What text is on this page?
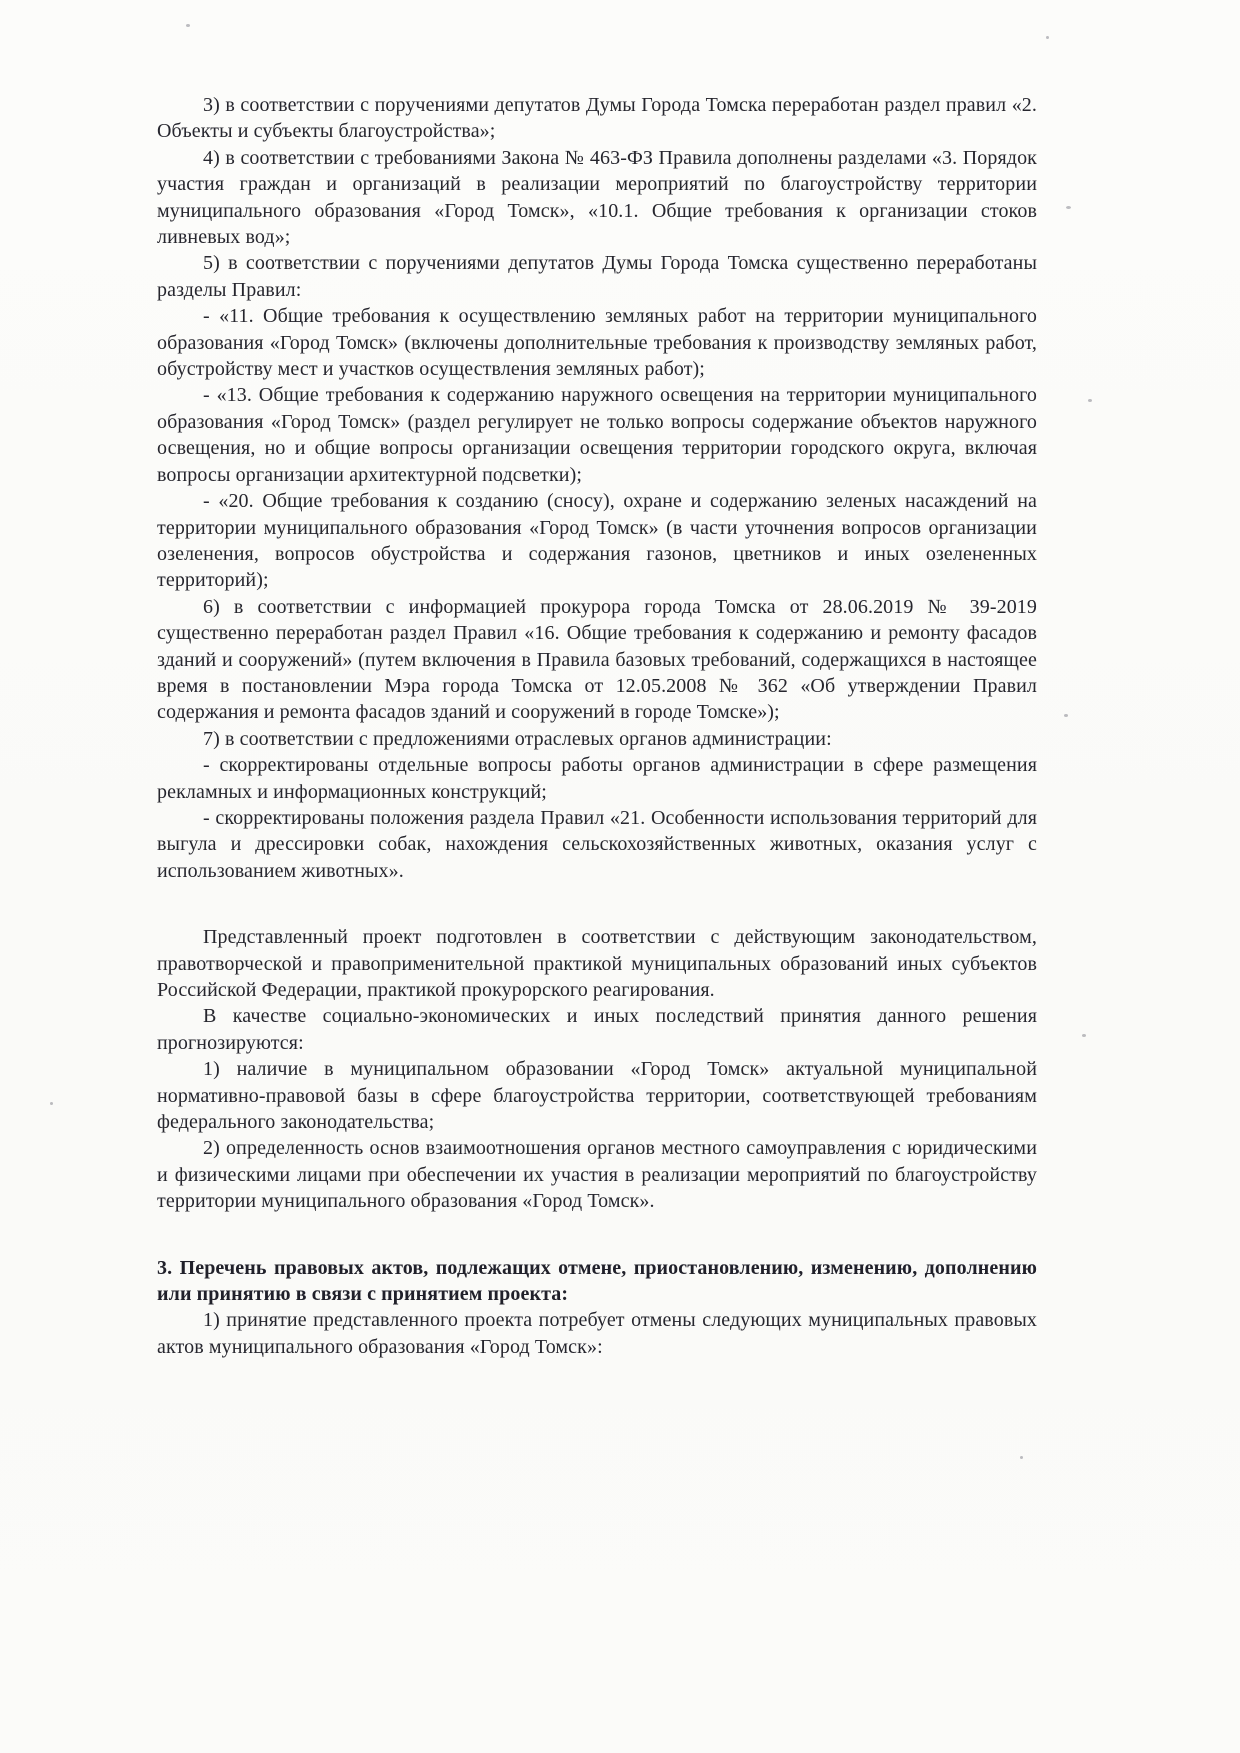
3) в соответствии с поручениями депутатов Думы Города Томска переработан раздел правил «2. Объекты и субъекты благоустройства»;

4) в соответствии с требованиями Закона № 463-ФЗ Правила дополнены разделами «3. Порядок участия граждан и организаций в реализации мероприятий по благоустройству территории муниципального образования «Город Томск», «10.1. Общие требования к организации стоков ливневых вод»;

5) в соответствии с поручениями депутатов Думы Города Томска существенно переработаны разделы Правил:

- «11. Общие требования к осуществлению земляных работ на территории муниципального образования «Город Томск» (включены дополнительные требования к производству земляных работ, обустройству мест и участков осуществления земляных работ);

- «13. Общие требования к содержанию наружного освещения на территории муниципального образования «Город Томск» (раздел регулирует не только вопросы содержание объектов наружного освещения, но и общие вопросы организации освещения территории городского округа, включая вопросы организации архитектурной подсветки);

- «20. Общие требования к созданию (сносу), охране и содержанию зеленых насаждений на территории муниципального образования «Город Томск» (в части уточнения вопросов организации озеленения, вопросов обустройства и содержания газонов, цветников и иных озелененных территорий);

6) в соответствии с информацией прокурора города Томска от 28.06.2019 № 39-2019 существенно переработан раздел Правил «16. Общие требования к содержанию и ремонту фасадов зданий и сооружений» (путем включения в Правила базовых требований, содержащихся в настоящее время в постановлении Мэра города Томска от 12.05.2008 № 362 «Об утверждении Правил содержания и ремонта фасадов зданий и сооружений в городе Томске»);

7) в соответствии с предложениями отраслевых органов администрации:

- скорректированы отдельные вопросы работы органов администрации в сфере размещения рекламных и информационных конструкций;

- скорректированы положения раздела Правил «21. Особенности использования территорий для выгула и дрессировки собак, нахождения сельскохозяйственных животных, оказания услуг с использованием животных».

Представленный проект подготовлен в соответствии с действующим законодательством, правотворческой и правоприменительной практикой муниципальных образований иных субъектов Российской Федерации, практикой прокурорского реагирования.

В качестве социально-экономических и иных последствий принятия данного решения прогнозируются:

1) наличие в муниципальном образовании «Город Томск» актуальной муниципальной нормативно-правовой базы в сфере благоустройства территории, соответствующей требованиям федерального законодательства;

2) определенность основ взаимоотношения органов местного самоуправления с юридическими и физическими лицами при обеспечении их участия в реализации мероприятий по благоустройству территории муниципального образования «Город Томск».

3. Перечень правовых актов, подлежащих отмене, приостановлению, изменению, дополнению или принятию в связи с принятием проекта:

1) принятие представленного проекта потребует отмены следующих муниципальных правовых актов муниципального образования «Город Томск»:
